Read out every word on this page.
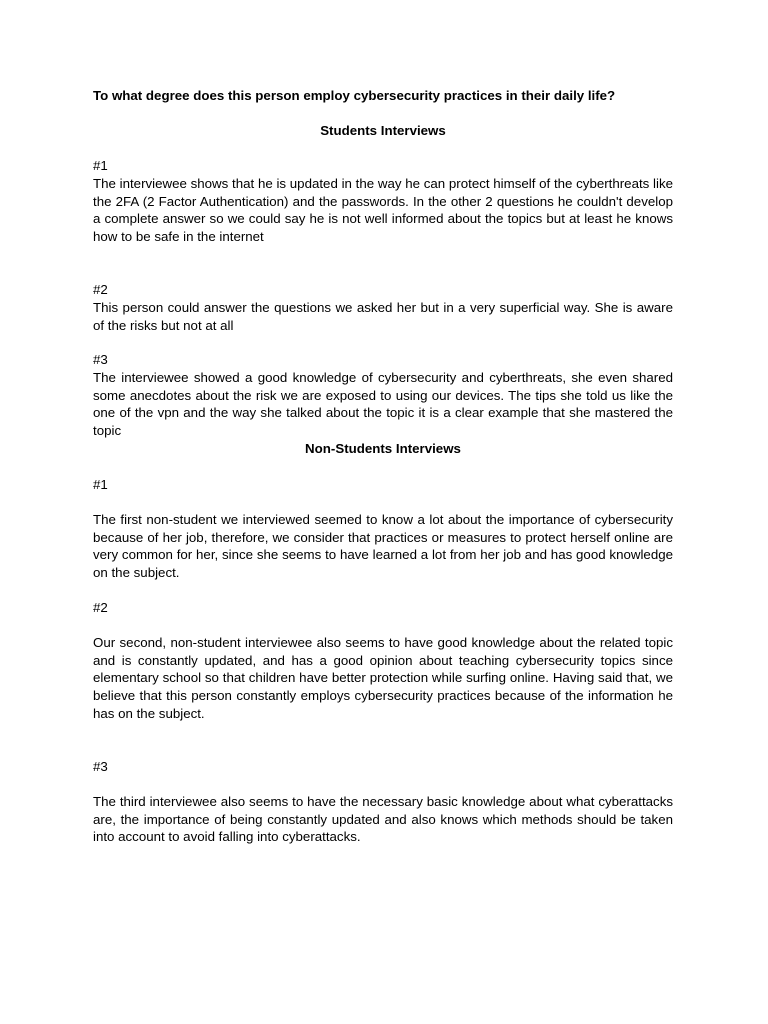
To what degree does this person employ cybersecurity practices in their daily life?

Students Interviews

#1

The interviewee shows that he is updated in the way he can protect himself of the cyberthreats like the 2FA (2 Factor Authentication) and the passwords. In the other 2 questions he couldn't develop a complete answer so we could say he is not well informed about the topics but at least he knows how to be safe in the internet

#2

This person could answer the questions we asked her but in a very superficial way. She is aware of the risks but not at all

#3

The interviewee showed a good knowledge of cybersecurity and cyberthreats, she even shared some anecdotes about the risk we are exposed to using our devices. The tips she told us like the one of the vpn and the way she talked about the topic it is a clear example that she mastered the topic

Non-Students Interviews

#1

The first non-student we interviewed seemed to know a lot about the importance of cybersecurity because of her job, therefore, we consider that practices or measures to protect herself online are very common for her, since she seems to have learned a lot from her job and has good knowledge on the subject.

#2

Our second, non-student interviewee also seems to have good knowledge about the related topic and is constantly updated, and has a good opinion about teaching cybersecurity topics since elementary school so that children have better protection while surfing online. Having said that, we believe that this person constantly employs cybersecurity practices because of the information he has on the subject.

#3

The third interviewee also seems to have the necessary basic knowledge about what cyberattacks are, the importance of being constantly updated and also knows which methods should be taken into account to avoid falling into cyberattacks.
